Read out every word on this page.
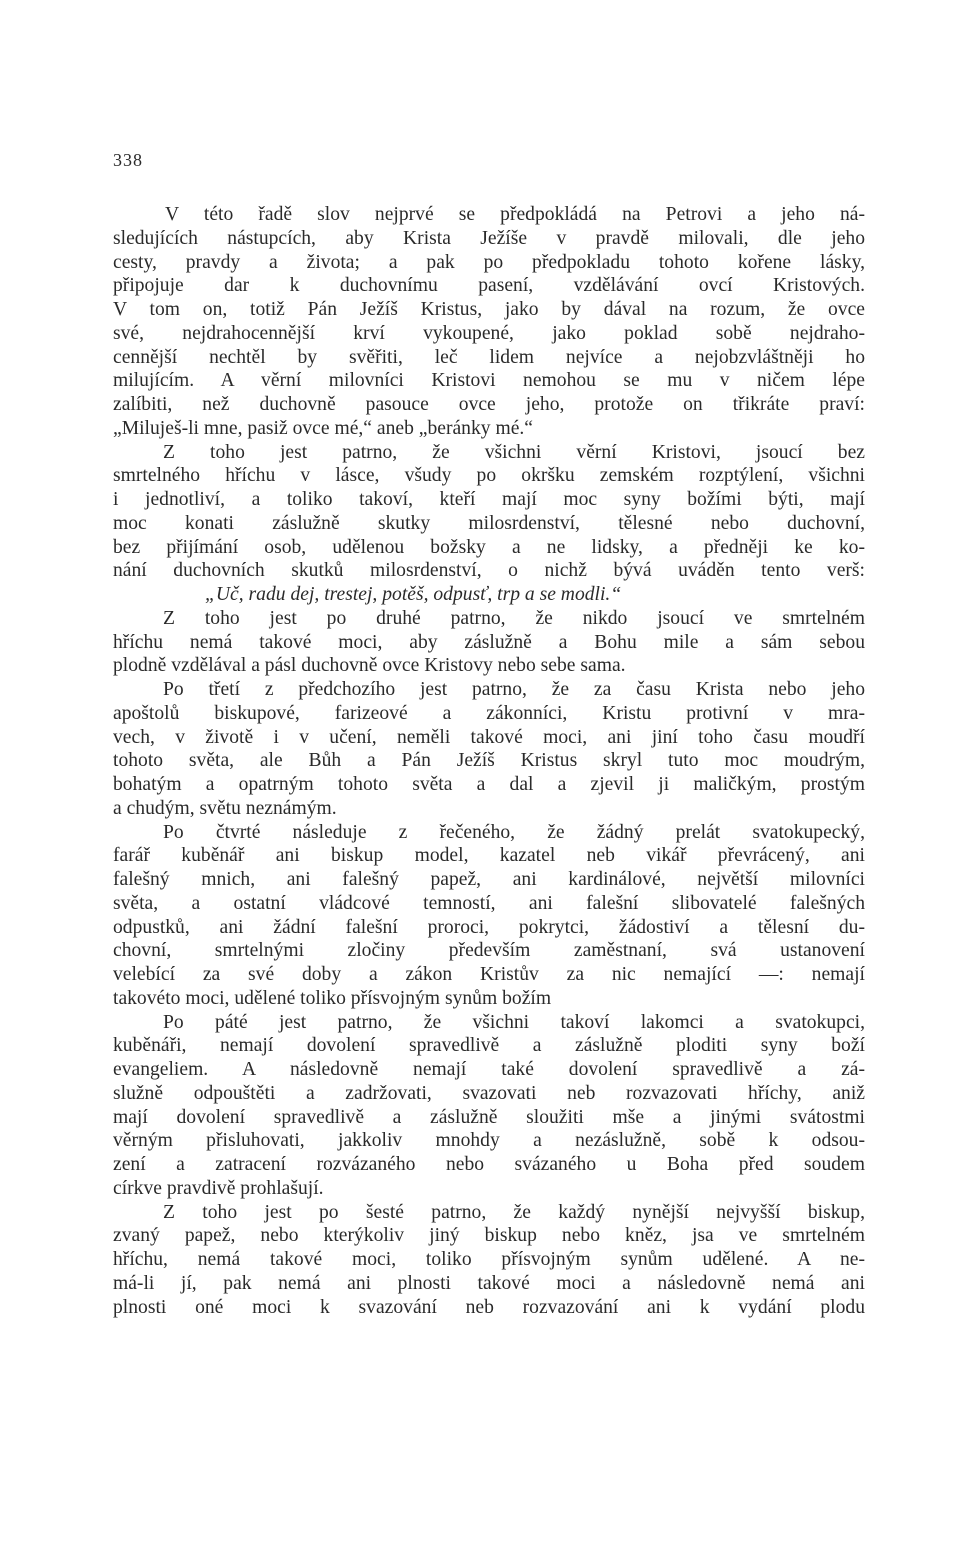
338
V této řadě slov nejprvé se předpokládá na Petrovi a jeho ná-
sledujících nástupcích, aby Krista Ježíše v pravdě milovali, dle jeho
cesty, pravdy a života; a pak po předpokladu tohoto kořene lásky,
připojuje dar k duchovnímu pasení, vzdělávání ovcí Kristových.
V tom on, totiž Pán Ježíš Kristus, jako by dával na rozum, že ovce
své, nejdrahocennější krví vykoupené, jako poklad sobě nejdraho-
cennější nechtěl by svěřiti, leč lidem nejvíce a nejobzvláštněji ho
milujícím. A věrní milovníci Kristovi nemohou se mu v ničem lépe
zalíbiti, než duchovně pasouce ovce jeho, protože on třikráte praví:
„Miluješ-li mne, pasiž ovce mé,“ aneb „beránky mé.“
Z toho jest patrno, že všichni věrní Kristovi, jsoucí bez
smrtelného hříchu v lásce, všudy po okršku zemském rozptýlení, všichni
i jednotliví, a toliko takoví, kteří mají moc syny božími býti, mají
moc konati záslužně skutky milosrdenství, tělesné nebo duchovní,
bez přijímání osob, udělenou božsky a ne lidsky, a předněji ke ko-
nání duchovních skutků milosrdenství, o nichž bývá uváděn tento verš:
„Uč, radu dej, trestej, potěš, odpusť, trp a se modli.“
Z toho jest po druhé patrno, že nikdo jsoucí ve smrtelném
hříchu nemá takové moci, aby záslužně a Bohu mile a sám sebou
plodně vzdělával a pásl duchovně ovce Kristovy nebo sebe sama.
Po třetí z předchozího jest patrno, že za času Krista nebo jeho
apoštolů biskupové, farizeové a zákonníci, Kristu protivní v mra-
vech, v životě i v učení, neměli takové moci, ani jiní toho času moudří
tohoto světa, ale Bůh a Pán Ježíš Kristus skryl tuto moc moudrým,
bohatým a opatrným tohoto světa a dal a zjevil ji maličkým, prostým
a chudým, světu neznámým.
Po čtvrté následuje z řečeného, že žádný prelát svatokupecký,
farář kuběnář ani biskup model, kazatel neb vikář převrácený, ani
falešný mnich, ani falešný papež, ani kardinálové, největší milovníci
světa, a ostatní vládcové temností, ani falešní slibovatelé falešných
odpustků, ani žádní falešní proroci, pokrytci, žádostiví a tělesní du-
chovní, smrtelnými zločiny především zaměstnaní, svá ustanovení
velebící za své doby a zákon Kristův za nic nemající —: nemají
takovéto moci, udělené toliko přísvojným synům božím
Po páté jest patrno, že všichni takoví lakomci a svatokupci,
kuběnáři, nemají dovolení spravedlivě a záslužně ploditi syny boží
evangeliem. A následovně nemají také dovolení spravedlivě a zá-
služně odpouštěti a zadržovati, svazovati neb rozvazovati hříchy, aniž
mají dovolení spravedlivě a záslužně sloužiti mše a jinými svátostmi
věrným přisluhovati, jakkoliv mnohdy a nezáslužně, sobě k odsou-
zení a zatracení rozvázaného nebo svázaného u Boha před soudem
církve pravdivě prohlašují.
Z toho jest po šesté patrno, že každý nynější nejvyšší biskup,
zvaný papež, nebo kterýkoliv jiný biskup nebo kněz, jsa ve smrtelném
hříchu, nemá takové moci, toliko přísvojným synům udělené. A ne-
má-li jí, pak nemá ani plnosti takové moci a následovně nemá ani
plnosti oné moci k svazování neb rozvazování ani k vydání plodu
